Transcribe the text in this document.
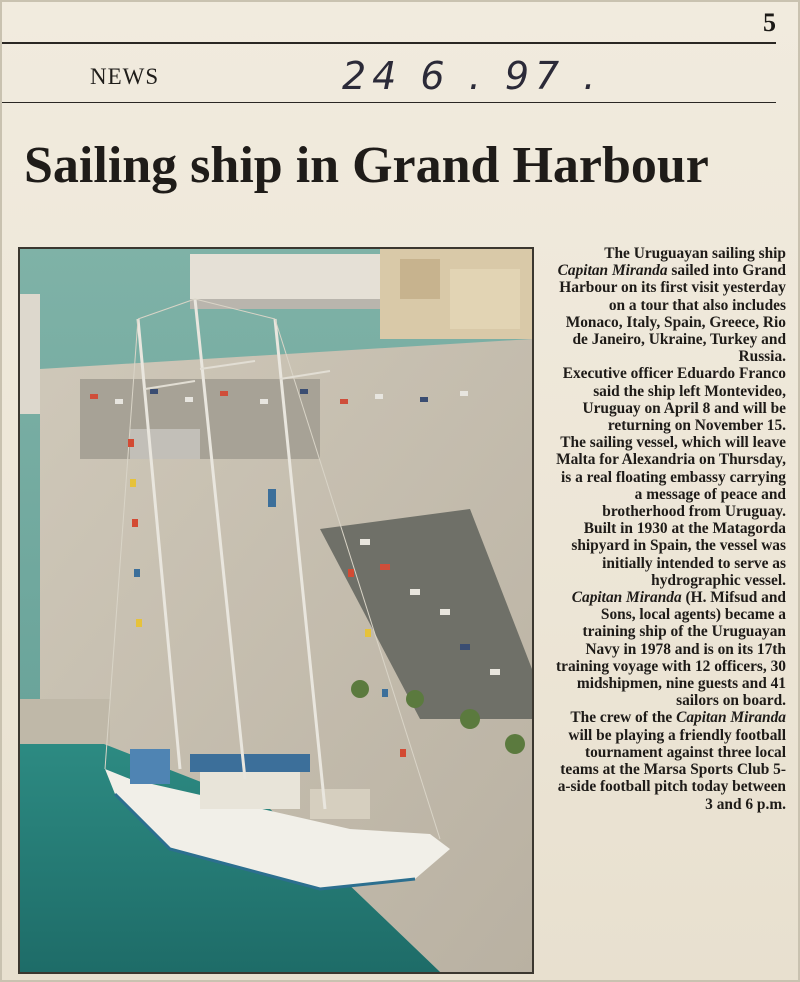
5
NEWS	24 6 . 97 .
Sailing ship in Grand Harbour

The Uruguayan sailing ship Capitan Miranda sailed into Grand Harbour on its first visit yesterday on a tour that also includes Monaco, Italy, Spain, Greece, Rio de Janeiro, Ukraine, Turkey and Russia.

Executive officer Eduardo Franco said the ship left Montevideo, Uruguay on April 8 and will be returning on November 15.

The sailing vessel, which will leave Malta for Alexandria on Thursday, is a real floating embassy carrying a message of peace and brotherhood from Uruguay.

Built in 1930 at the Matagorda shipyard in Spain, the vessel was initially intended to serve as hydrographic vessel.

Capitan Miranda (H. Mifsud and Sons, local agents) became a training ship of the Uruguayan Navy in 1978 and is on its 17th training voyage with 12 officers, 30 midshipmen, nine guests and 41 sailors on board.

The crew of the Capitan Miranda will be playing a friendly football tournament against three local teams at the Marsa Sports Club 5-a-side football pitch today between 3 and 6 p.m.
